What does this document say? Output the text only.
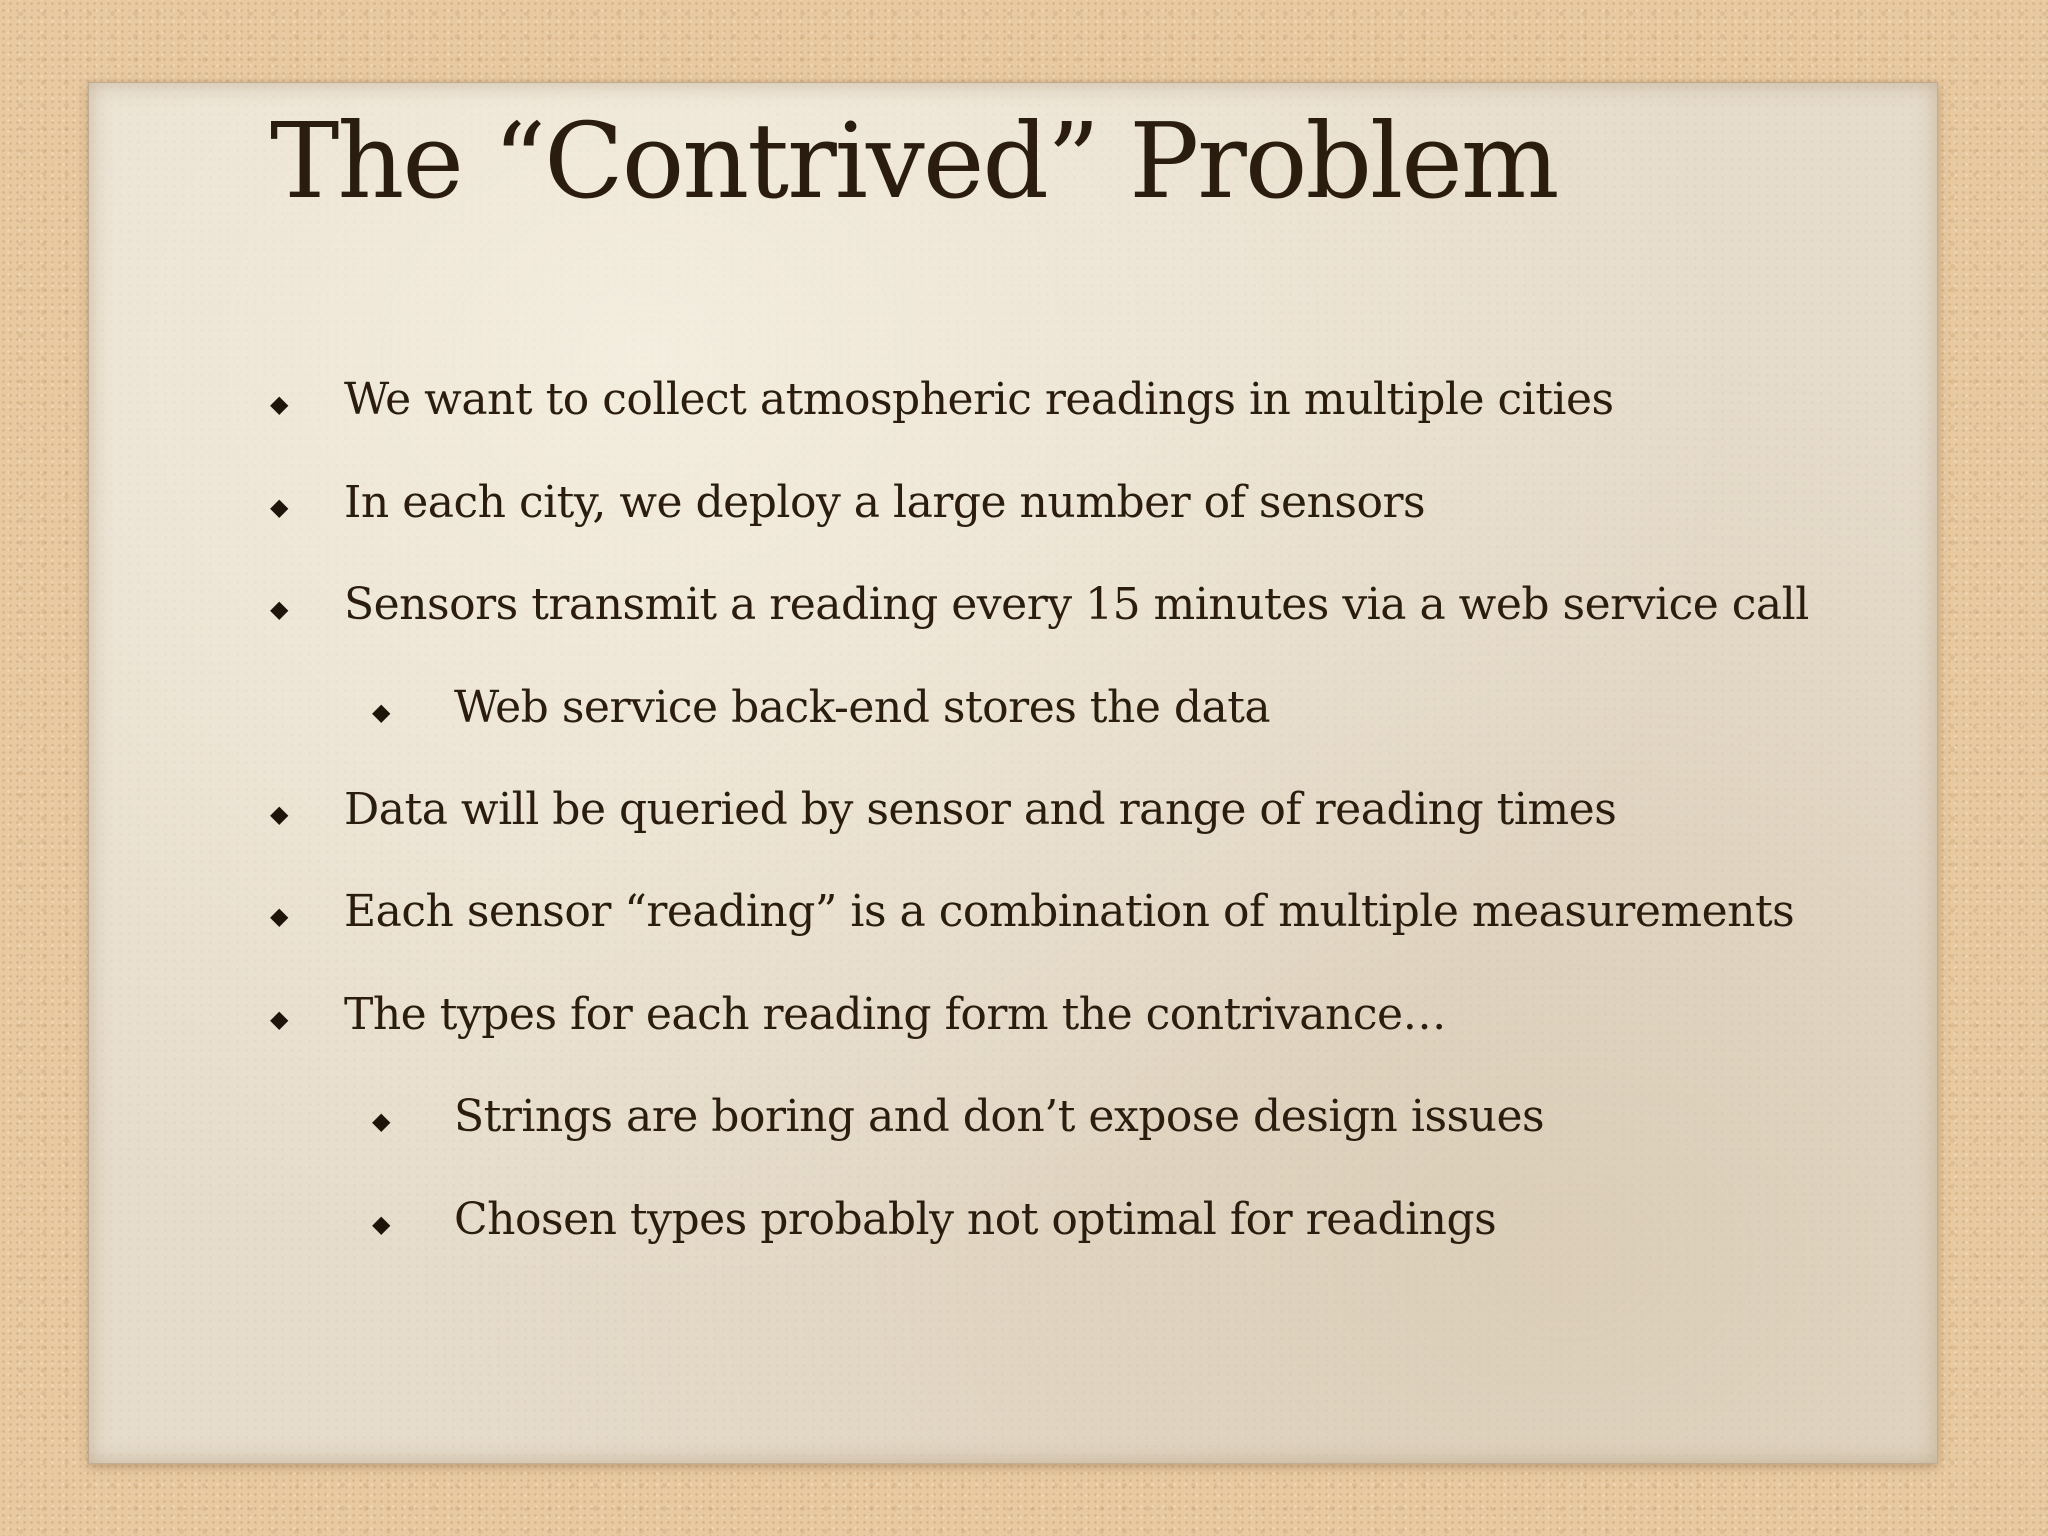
The “Contrived” Problem
◆ We want to collect atmospheric readings in multiple cities
◆ In each city, we deploy a large number of sensors
◆ Sensors transmit a reading every 15 minutes via a web service call
◆ Web service back-end stores the data
◆ Data will be queried by sensor and range of reading times
◆ Each sensor “reading” is a combination of multiple measurements
◆ The types for each reading form the contrivance…
◆ Strings are boring and don’t expose design issues
◆ Chosen types probably not optimal for readings
